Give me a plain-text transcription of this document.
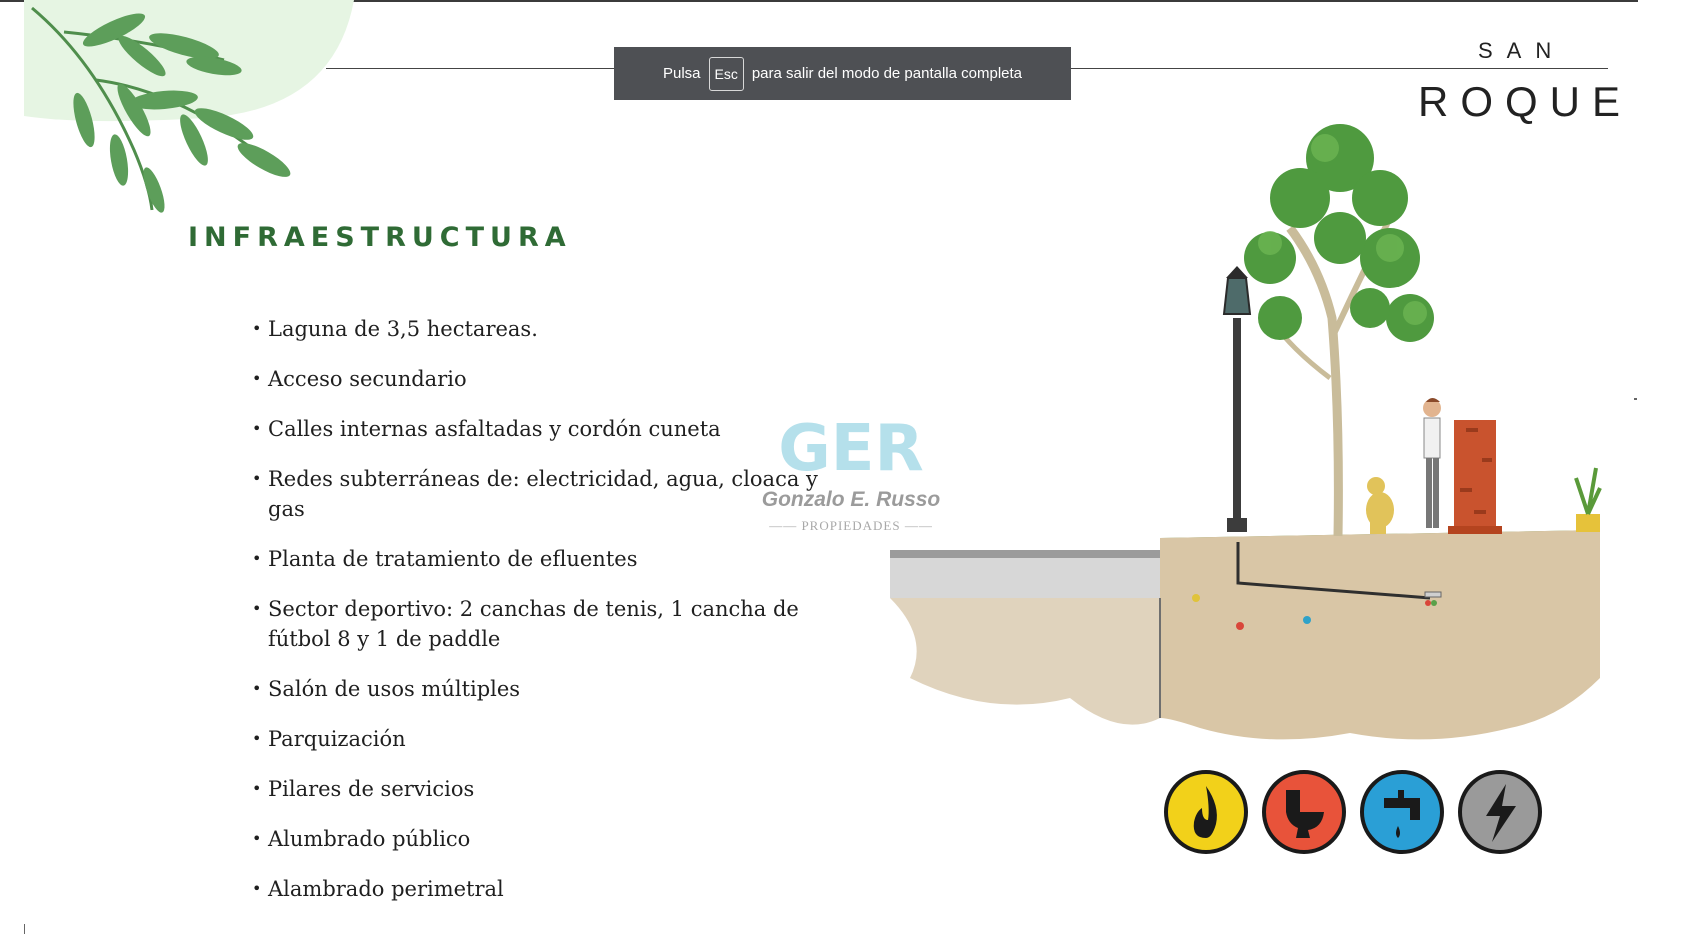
SAN
ROQUE
Pulsa	Esc para salir del modo de pantalla completa
INFRAESTRUCTURA
• Laguna de 3,5 hectareas.
• Acceso secundario
• Calles internas asfaltadas y cordón cuneta
• Redes subterráneas de: electricidad, agua, cloaca y gas
• Planta de tratamiento de efluentes
• Sector deportivo: 2 canchas de tenis, 1 cancha de fútbol 8 y 1 de paddle
• Salón de usos múltiples
• Parquización
• Pilares de servicios
• Alumbrado público
• Alambrado perimetral
GER
Gonzalo E. Russo
—— PROPIEDADES ——
